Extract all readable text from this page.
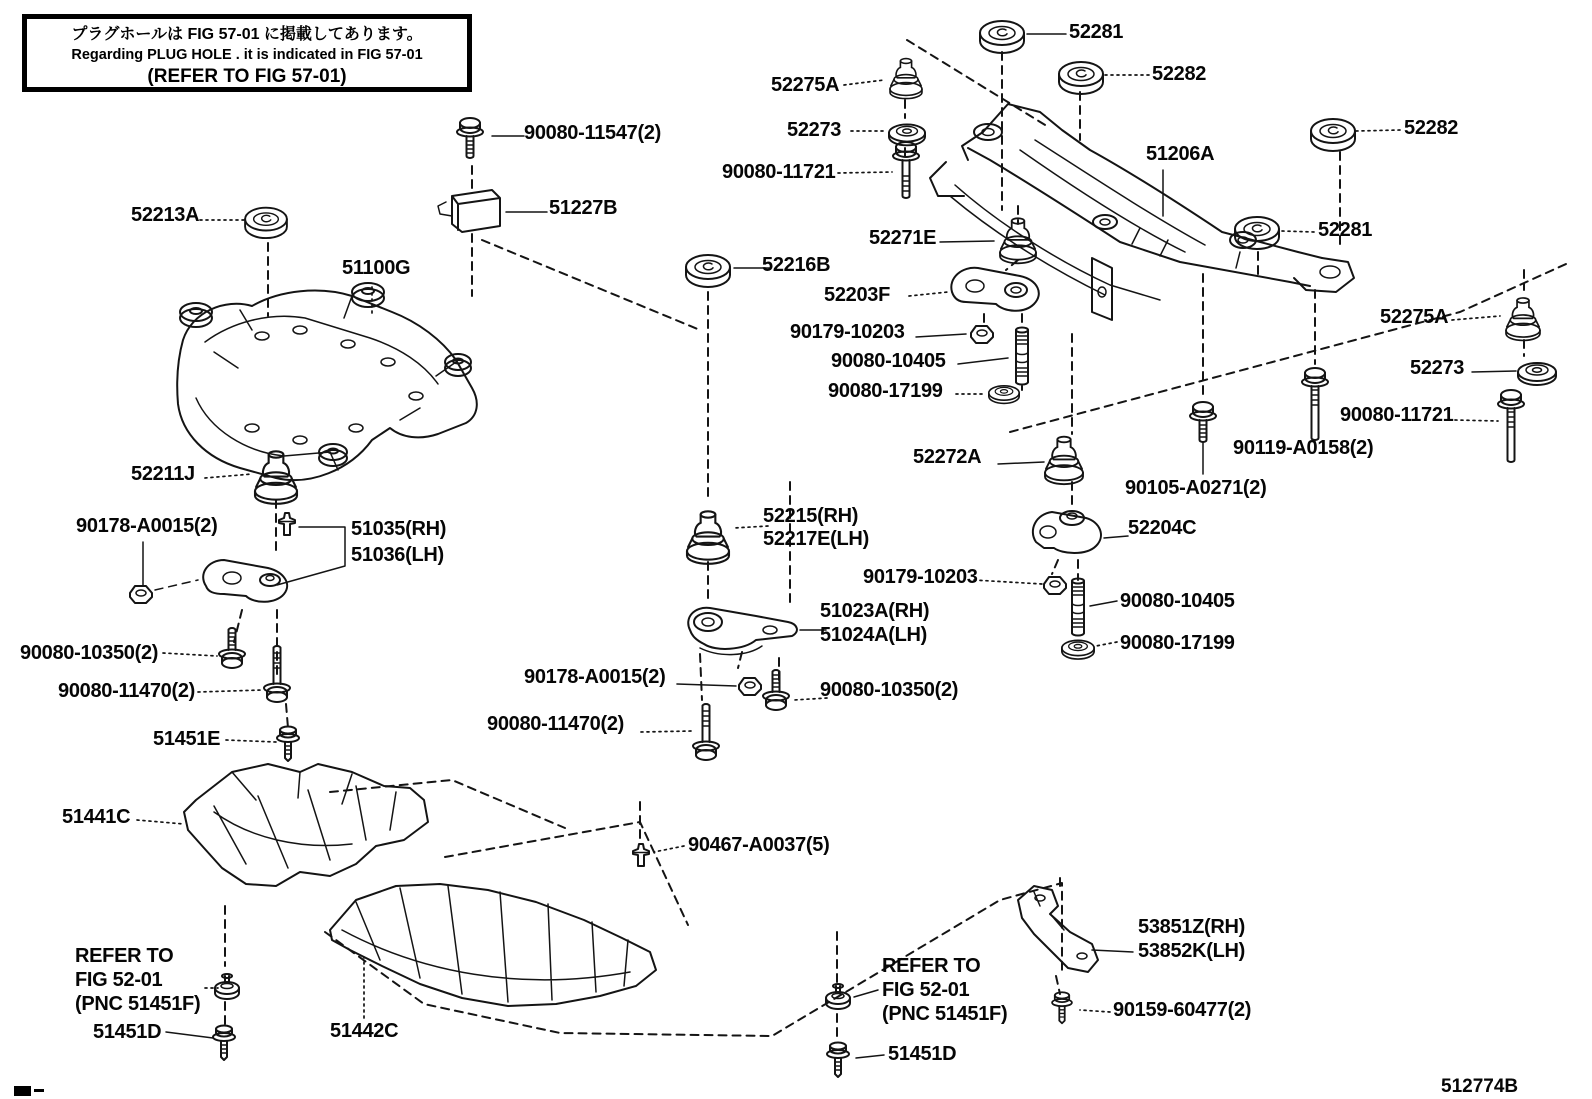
プラグホールは FIG 57-01 に掲載してあります。
Regarding PLUG HOLE . it is indicated in FIG 57-01
(REFER TO FIG 57-01)
90080-11547(2)
51227B
52213A
51100G
52211J
90178-A0015(2)	51035(RH)
51036(LH)
90080-10350(2)
90080-11470(2)
51451E
51441C
REFER TO
FIG 52-01
(PNC 51451F)
51451D	51442C
90467-A0037(5)
REFER TO
FIG 52-01
(PNC 51451F)
51451D
53851Z(RH)
53852K(LH)
90159-60477(2)
52281
52282
52275A
52273
90080-11721
51206A
52271E
52216B
52203F
90179-10203
90080-10405
90080-17199
52282
52281
52275A
52273
90080-11721
90119-A0158(2)
90105-A0271(2)
52272A
52204C
90179-10203
90080-10405
90080-17199
52215(RH)
52217E(LH)
51023A(RH)
51024A(LH)
90178-A0015(2)
90080-10350(2)
90080-11470(2)
512774B
